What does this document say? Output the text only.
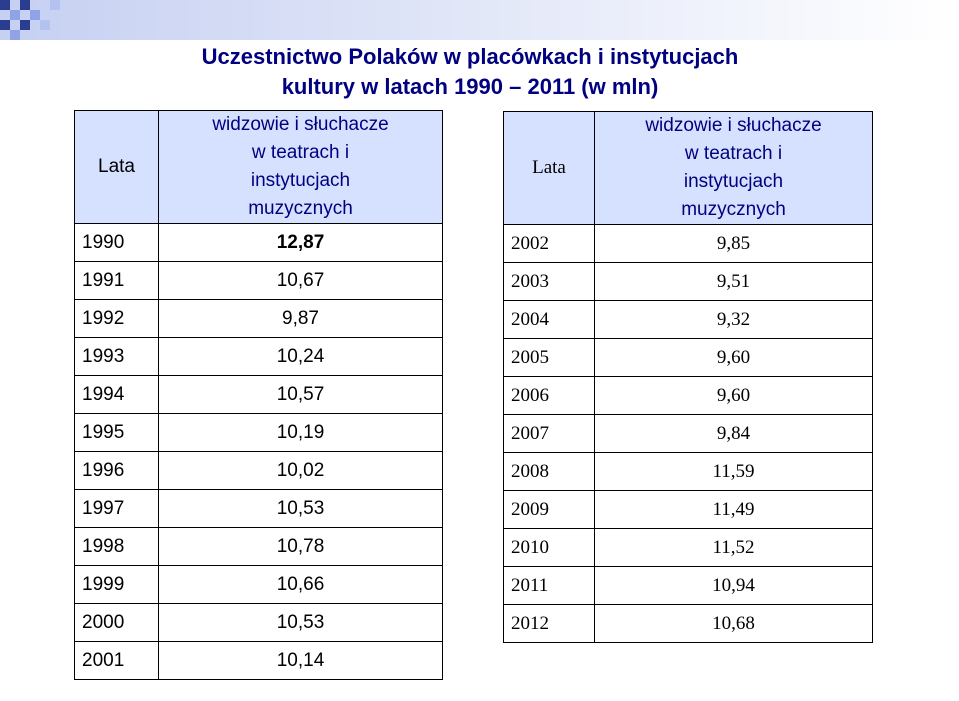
Uczestnictwo Polaków w placówkach i instytucjach
kultury w latach 1990 – 2011 (w mln)
Lata	widzowie i słuchacze
w teatrach i
instytucjach
muzycznych

1990	12,87
1991	10,67
1992	9,87
1993	10,24
1994	10,57
1995	10,19
1996	10,02
1997	10,53
1998	10,78
1999	10,66
2000	10,53
2001	10,14
Lata	widzowie i słuchacze
w teatrach i
instytucjach
muzycznych

2002	9,85
2003	9,51
2004	9,32
2005	9,60
2006	9,60
2007	9,84
2008	11,59
2009	11,49
2010	11,52
2011	10,94
2012	10,68
